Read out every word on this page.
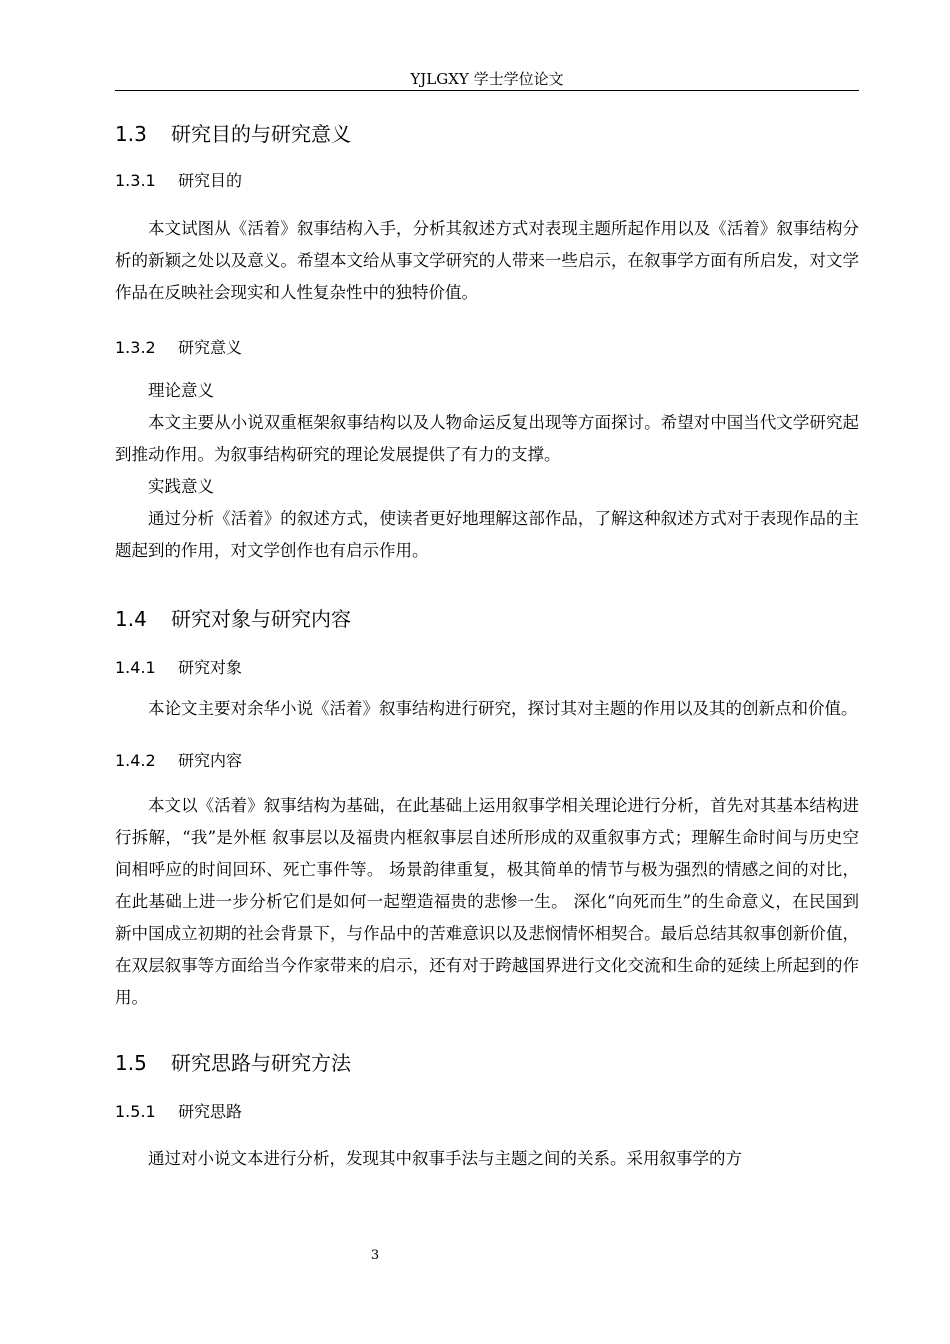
YJLGXY 学士学位论文
1.3 研究目的与研究意义
1.3.1 研究目的

本文试图从《活着》叙事结构入手，分析其叙述方式对表现主题所起作用以及《活着》叙事结构分析的新颖之处以及意义。希望本文给从事文学研究的人带来一些启示，在叙事学方面有所启发，对文学作品在反映社会现实和人性复杂性中的独特价值。

1.3.2 研究意义
理论意义

本文主要从小说双重框架叙事结构以及人物命运反复出现等方面探讨。希望对中国当代文学研究起到推动作用。为叙事结构研究的理论发展提供了有力的支撑。

实践意义

通过分析《活着》的叙述方式，使读者更好地理解这部作品，了解这种叙述方式对于表现作品的主题起到的作用，对文学创作也有启示作用。

1.4 研究对象与研究内容
1.4.1 研究对象

本论文主要对余华小说《活着》叙事结构进行研究，探讨其对主题的作用以及其的创新点和价值。

1.4.2 研究内容

本文以《活着》叙事结构为基础，在此基础上运用叙事学相关理论进行分析，首先对其基本结构进行拆解，“我”是外框 叙事层以及福贵内框叙事层自述所形成的双重叙事方式；理解生命时间与历史空间相呼应的时间回环、死亡事件等。 场景韵律重复，极其简单的情节与极为强烈的情感之间的对比，在此基础上进一步分析它们是如何一起塑造福贵的悲惨一生。 深化“向死而生”的生命意义，在民国到新中国成立初期的社会背景下，与作品中的苦难意识以及悲悯情怀相契合。最后总结其叙事创新价值，在双层叙事等方面给当今作家带来的启示，还有对于跨越国界进行文化交流和生命的延续上所起到的作用。

1.5 研究思路与研究方法
1.5.1 研究思路

通过对小说文本进行分析，发现其中叙事手法与主题之间的关系。采用叙事学的方

3
